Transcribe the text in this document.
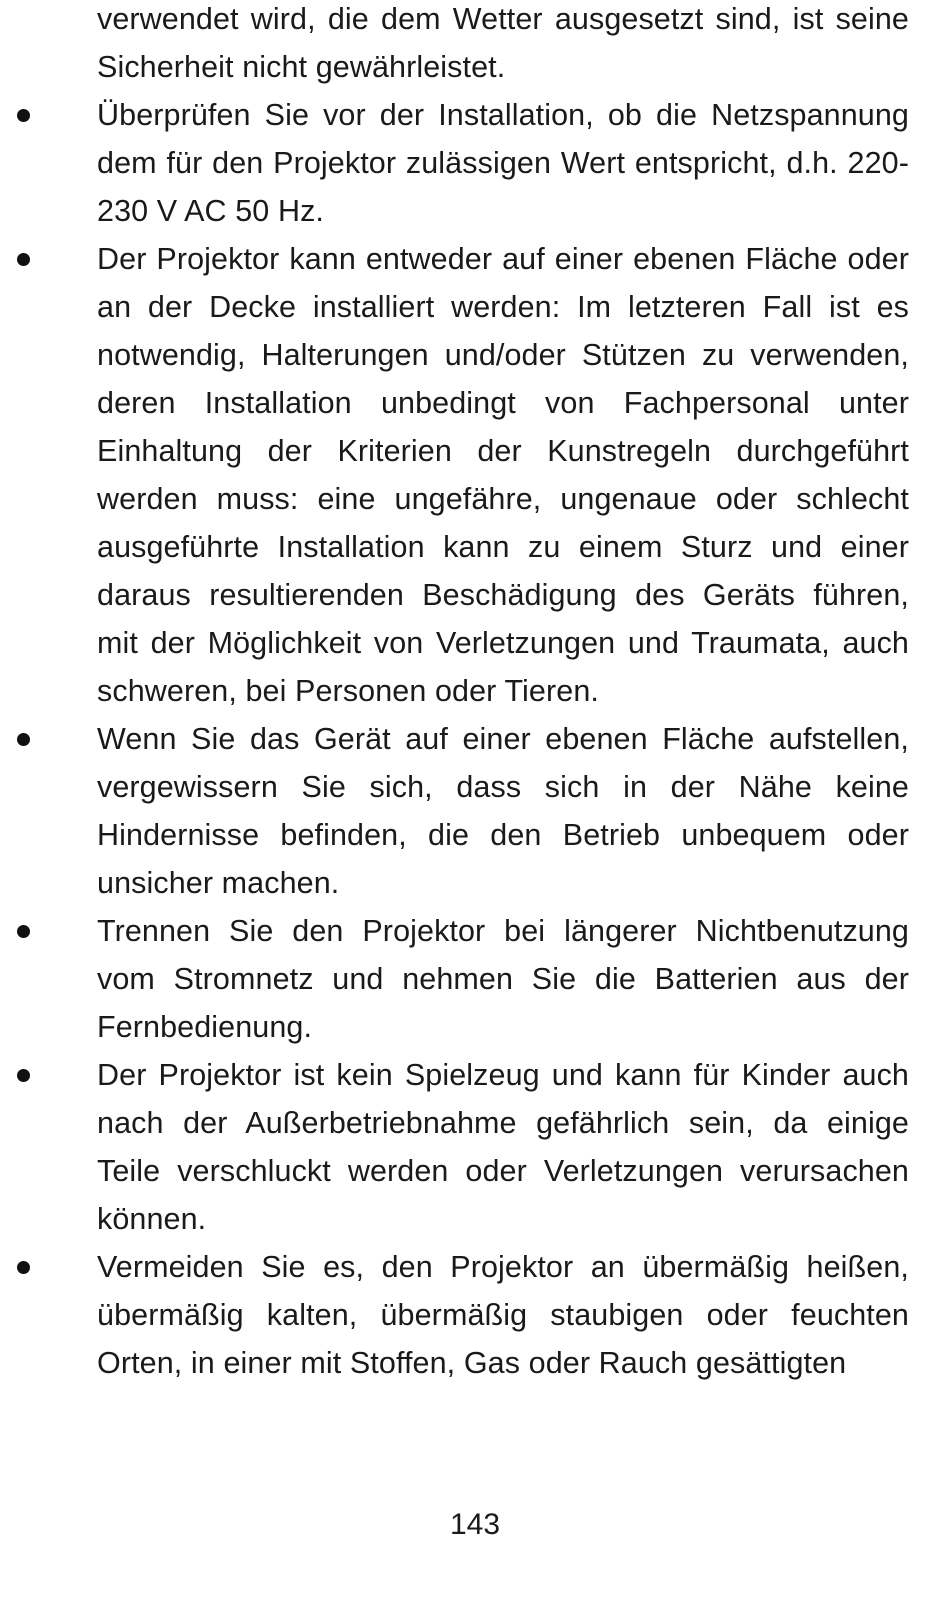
verwendet wird, die dem Wetter ausgesetzt sind, ist seine Sicherheit nicht gewährleistet.

Überprüfen Sie vor der Installation, ob die Netzspannung dem für den Projektor zulässigen Wert entspricht, d.h. 220-230 V AC 50 Hz.

Der Projektor kann entweder auf einer ebenen Fläche oder an der Decke installiert werden: Im letzteren Fall ist es notwendig, Halterungen und/oder Stützen zu verwenden, deren Installation unbedingt von Fachpersonal unter Einhaltung der Kriterien der Kunstregeln durchgeführt werden muss: eine ungefähre, ungenaue oder schlecht ausgeführte Installation kann zu einem Sturz und einer daraus resultierenden Beschädigung des Geräts führen, mit der Möglichkeit von Verletzungen und Traumata, auch schweren, bei Personen oder Tieren.

Wenn Sie das Gerät auf einer ebenen Fläche aufstellen, vergewissern Sie sich, dass sich in der Nähe keine Hindernisse befinden, die den Betrieb unbequem oder unsicher machen.

Trennen Sie den Projektor bei längerer Nichtbenutzung vom Stromnetz und nehmen Sie die Batterien aus der Fernbedienung.

Der Projektor ist kein Spielzeug und kann für Kinder auch nach der Außerbetriebnahme gefährlich sein, da einige Teile verschluckt werden oder Verletzungen verursachen können.

Vermeiden Sie es, den Projektor an übermäßig heißen, übermäßig kalten, übermäßig staubigen oder feuchten Orten, in einer mit Stoffen, Gas oder Rauch gesättigten

143
